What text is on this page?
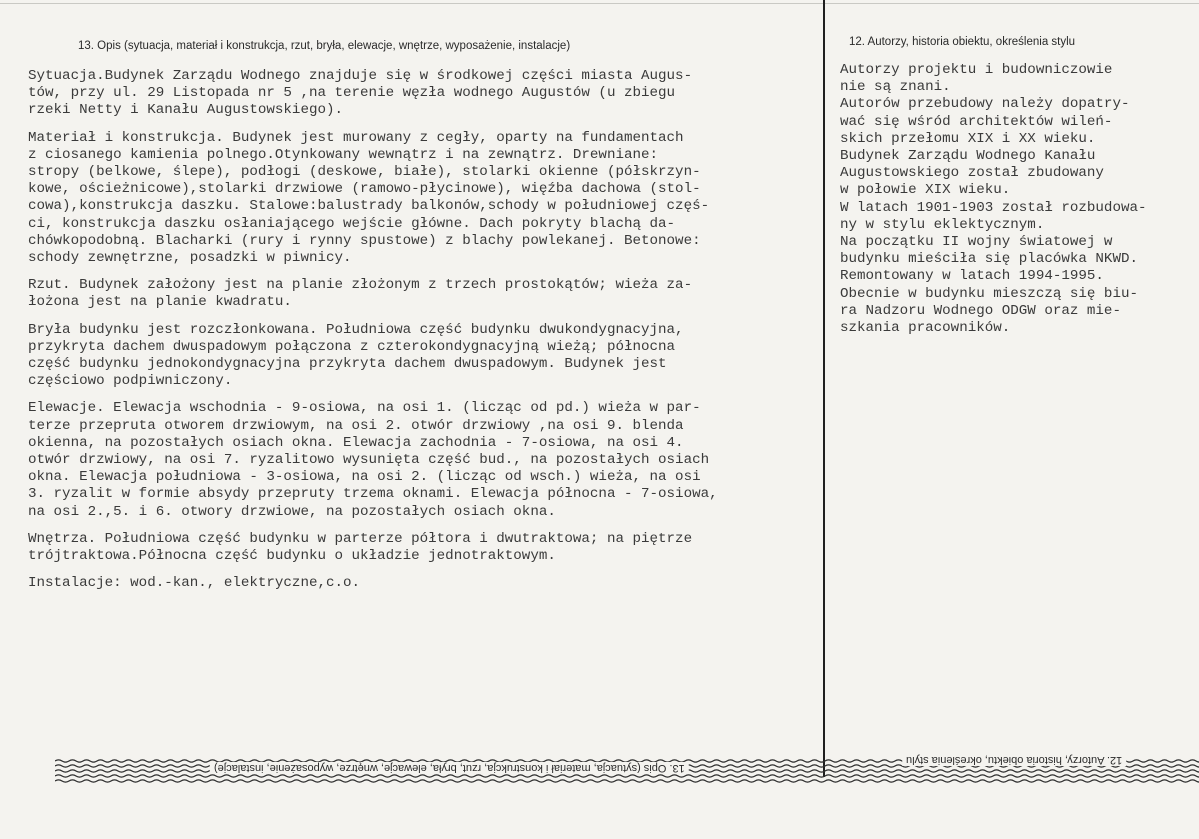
13. Opis (sytuacja, materiał i konstrukcja, rzut, bryła, elewacje, wnętrze, wyposażenie, instalacje)	12. Autorzy, historia obiektu, określenia stylu
Sytuacja.Budynek Zarządu Wodnego znajduje się w środkowej części miasta Augus-
tów, przy ul. 29 Listopada nr 5 ,na terenie węzła wodnego Augustów (u zbiegu
rzeki Netty i Kanału Augustowskiego).
Materiał i konstrukcja. Budynek jest murowany z cegły, oparty na fundamentach
z ciosanego kamienia polnego.Otynkowany wewnątrz i na zewnątrz. Drewniane:
stropy (belkowe, ślepe), podłogi (deskowe, białe), stolarki okienne (półskrzyn-
kowe, ościeżnicowe),stolarki drzwiowe (ramowo-płycinowe), więźba dachowa (stol-
cowa),konstrukcja daszku. Stalowe:balustrady balkonów,schody w południowej częś-
ci, konstrukcja daszku osłaniającego wejście główne. Dach pokryty blachą da-
chówkopodobną. Blacharki (rury i rynny spustowe) z blachy powlekanej. Betonowe:
schody zewnętrzne, posadzki w piwnicy.
Rzut. Budynek założony jest na planie złożonym z trzech prostokątów; wieża za-
łożona jest na planie kwadratu.
Bryła budynku jest rozczłonkowana. Południowa część budynku dwukondygnacyjna,
przykryta dachem dwuspadowym połączona z czterokondygnacyjną wieżą; północna
część budynku jednokondygnacyjna przykryta dachem dwuspadowym. Budynek jest
częściowo podpiwniczony.
Elewacje. Elewacja wschodnia - 9-osiowa, na osi 1. (licząc od pd.) wieża w par-
terze przepruta otworem drzwiowym, na osi 2. otwór drzwiowy ,na osi 9. blenda
okienna, na pozostałych osiach okna. Elewacja zachodnia - 7-osiowa, na osi 4.
otwór drzwiowy, na osi 7. ryzalitowo wysunięta część bud., na pozostałych osiach
okna. Elewacja południowa - 3-osiowa, na osi 2. (licząc od wsch.) wieża, na osi
3. ryzalit w formie absydy przepruty trzema oknami. Elewacja północna - 7-osiowa,
na osi 2.,5. i 6. otwory drzwiowe, na pozostałych osiach okna.
Wnętrza. Południowa część budynku w parterze półtora i dwutraktowa; na piętrze
trójtraktowa.Północna część budynku o układzie jednotraktowym.
Instalacje: wod.-kan., elektryczne,c.o.
Autorzy projektu i budowniczowie
nie są znani.
Autorów przebudowy należy dopatry-
wać się wśród architektów wileń-
skich przełomu XIX i XX wieku.
Budynek Zarządu Wodnego Kanału
Augustowskiego został zbudowany
w połowie XIX wieku.
W latach 1901-1903 został rozbudowa-
ny w stylu eklektycznym.
Na początku II wojny światowej w
budynku mieściła się placówka NKWD.
Remontowany w latach 1994-1995.
Obecnie w budynku mieszczą się biu-
ra Nadzoru Wodnego ODGW oraz mie-
szkania pracowników.
13. Opis (sytuacja, materiał i konstrukcja, rzut, bryła, elewacje, wnętrze, wyposażenie, instalacje)
12. Autorzy, historia obiektu, określenia stylu
